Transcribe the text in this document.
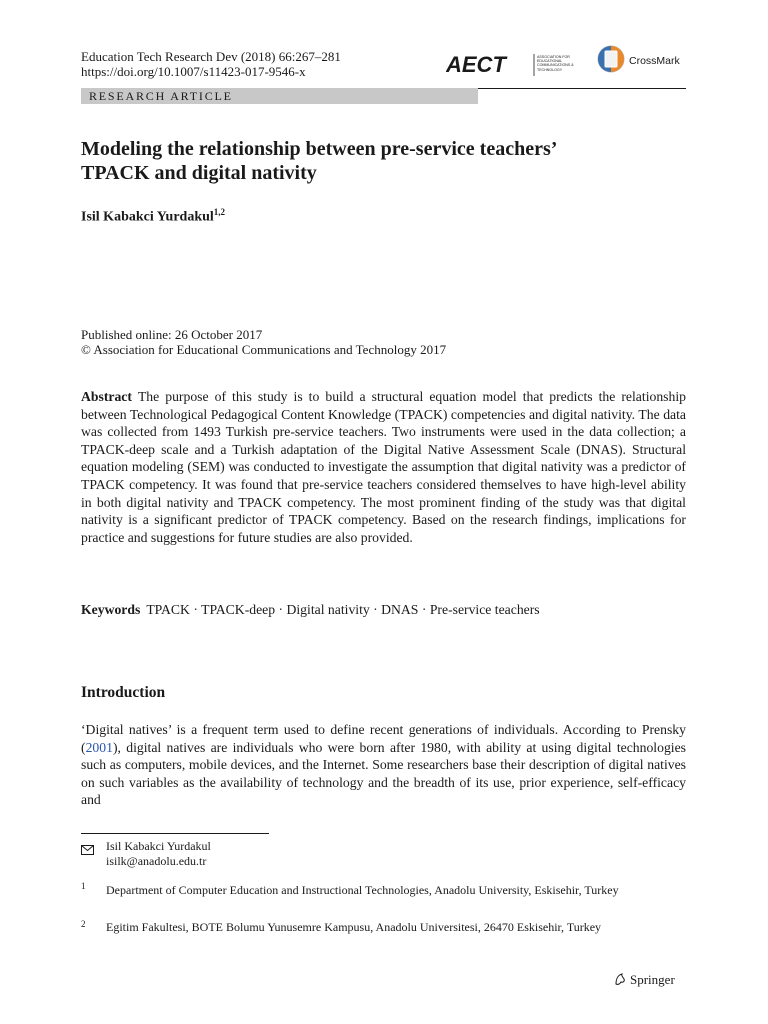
Education Tech Research Dev (2018) 66:267–281
https://doi.org/10.1007/s11423-017-9546-x	AECT	ASSOCIATION FOR EDUCATIONAL COMMUNICATIONS & TECHNOLOGY
CrossMark
RESEARCH ARTICLE
Modeling the relationship between pre-service teachers’
TPACK and digital nativity
Isil Kabakci Yurdakul$^{1,2}$
Published online: 26 October 2017
© Association for Educational Communications and Technology 2017
Abstract The purpose of this study is to build a structural equation model that predicts the relationship between Technological Pedagogical Content Knowledge (TPACK) competencies and digital nativity. The data was collected from 1493 Turkish pre-service teachers. Two instruments were used in the data collection; a TPACK-deep scale and a Turkish adaptation of the Digital Native Assessment Scale (DNAS). Structural equation modeling (SEM) was conducted to investigate the assumption that digital nativity was a predictor of TPACK competency. It was found that pre-service teachers considered themselves to have high-level ability in both digital nativity and TPACK competency. The most prominent finding of the study was that digital nativity is a significant predictor of TPACK competency. Based on the research findings, implications for practice and suggestions for future studies are also provided.
Keywords TPACK · TPACK-deep · Digital nativity · DNAS · Pre-service teachers
Introduction
‘Digital natives’ is a frequent term used to define recent generations of individuals. According to Prensky (2001), digital natives are individuals who were born after 1980, with ability at using digital technologies such as computers, mobile devices, and the Internet. Some researchers base their description of digital natives on such variables as the availability of technology and the breadth of its use, prior experience, self-efficacy and
Isil Kabakci Yurdakul
isilk@anadolu.edu.tr
1 Department of Computer Education and Instructional Technologies, Anadolu University, Eskisehir, Turkey
2 Egitim Fakultesi, BOTE Bolumu Yunusemre Kampusu, Anadolu Universitesi, 26470 Eskisehir, Turkey
Springer
